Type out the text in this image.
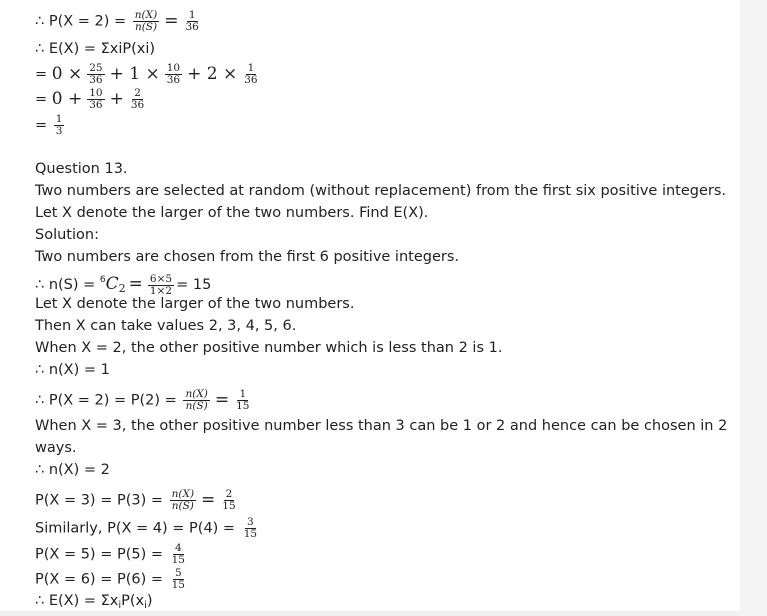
∴ $P(X = 2) = \frac{n(X)}{n(S)} = \frac{1}{36}$
∴ E(X) = ΣxiP(xi)
= $0 \times \frac{25}{36} + 1 \times \frac{10}{36} + 2 \times \frac{1}{36}$
= $0 + \frac{10}{36} + \frac{2}{36}$
= $\frac{1}{3}$
Question 13.
Two numbers are selected at random (without replacement) from the first six positive integers.
Let X denote the larger of the two numbers. Find E(X).
Solution:
Two numbers are chosen from the first 6 positive integers.
∴ $n(S) = ^6C_2 = \frac{6\times 5}{1\times 2} = 15$
Let X denote the larger of the two numbers.
Then X can take values 2, 3, 4, 5, 6.
When X = 2, the other positive number which is less than 2 is 1.
∴ n(X) = 1
∴ $P(X = 2) = P(2) = \frac{n(X)}{n(S)} = \frac{1}{15}$
When X = 3, the other positive number less than 3 can be 1 or 2 and hence can be chosen in 2
ways.
∴ n(X) = 2
$P(X = 3) = P(3) = \frac{n(X)}{n(S)} = \frac{2}{15}$
Similarly, $P(X = 4) = P(4) = \frac{3}{15}$
$P(X = 5) = P(5) = \frac{4}{15}$
$P(X = 6) = P(6) = \frac{5}{15}$
∴ $E(X) = \Sigma x_iP(x_i)$
